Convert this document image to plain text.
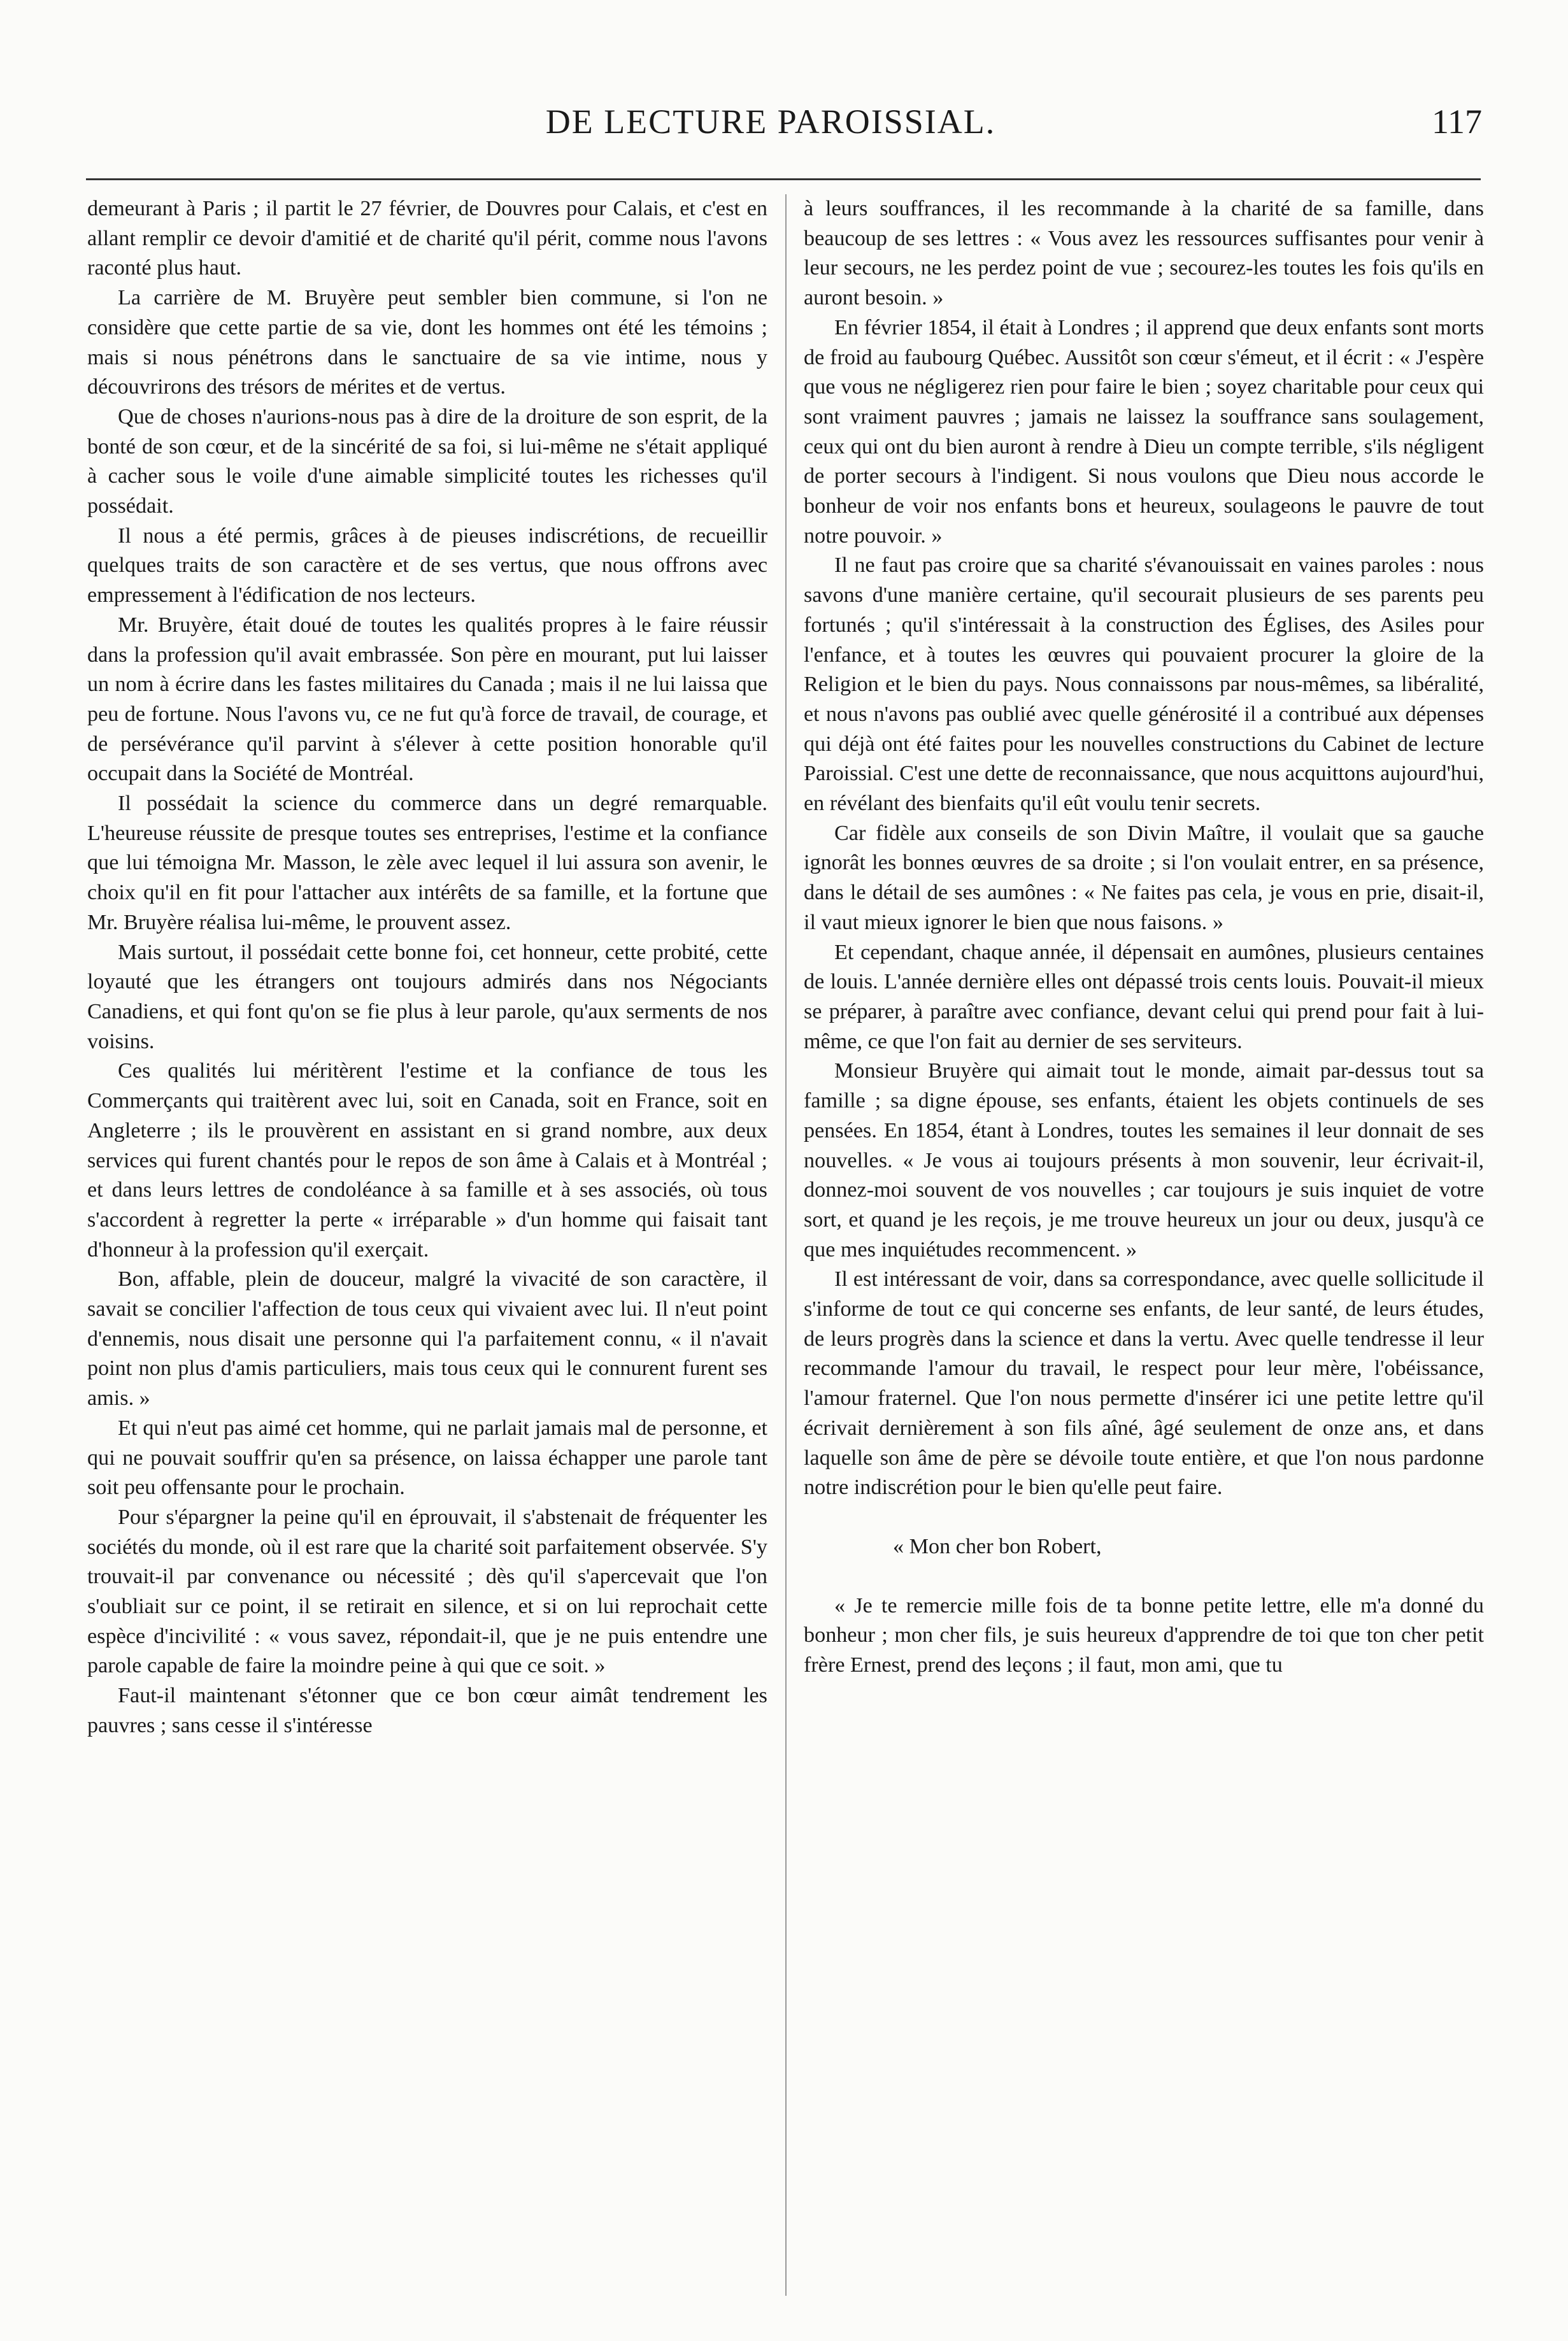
DE LECTURE PAROISSIAL.	117

demeurant à Paris ; il partit le 27 février, de Douvres pour Calais, et c'est en allant remplir ce devoir d'amitié et de charité qu'il périt, comme nous l'avons raconté plus haut.

La carrière de M. Bruyère peut sembler bien commune, si l'on ne considère que cette partie de sa vie, dont les hommes ont été les témoins ; mais si nous pénétrons dans le sanctuaire de sa vie intime, nous y découvrirons des trésors de mérites et de vertus.

Que de choses n'aurions-nous pas à dire de la droiture de son esprit, de la bonté de son cœur, et de la sincérité de sa foi, si lui-même ne s'était appliqué à cacher sous le voile d'une aimable simplicité toutes les richesses qu'il possédait.

Il nous a été permis, grâces à de pieuses indiscrétions, de recueillir quelques traits de son caractère et de ses vertus, que nous offrons avec empressement à l'édification de nos lecteurs.

Mr. Bruyère, était doué de toutes les qualités propres à le faire réussir dans la profession qu'il avait embrassée. Son père en mourant, put lui laisser un nom à écrire dans les fastes militaires du Canada ; mais il ne lui laissa que peu de fortune. Nous l'avons vu, ce ne fut qu'à force de travail, de courage, et de persévérance qu'il parvint à s'élever à cette position honorable qu'il occupait dans la Société de Montréal.

Il possédait la science du commerce dans un degré remarquable. L'heureuse réussite de presque toutes ses entreprises, l'estime et la confiance que lui témoigna Mr. Masson, le zèle avec lequel il lui assura son avenir, le choix qu'il en fit pour l'attacher aux intérêts de sa famille, et la fortune que Mr. Bruyère réalisa lui-même, le prouvent assez.

Mais surtout, il possédait cette bonne foi, cet honneur, cette probité, cette loyauté que les étrangers ont toujours admirés dans nos Négociants Canadiens, et qui font qu'on se fie plus à leur parole, qu'aux serments de nos voisins.

Ces qualités lui méritèrent l'estime et la confiance de tous les Commerçants qui traitèrent avec lui, soit en Canada, soit en France, soit en Angleterre ; ils le prouvèrent en assistant en si grand nombre, aux deux services qui furent chantés pour le repos de son âme à Calais et à Montréal ; et dans leurs lettres de condoléance à sa famille et à ses associés, où tous s'accordent à regretter la perte « irréparable » d'un homme qui faisait tant d'honneur à la profession qu'il exerçait.

Bon, affable, plein de douceur, malgré la vivacité de son caractère, il savait se concilier l'affection de tous ceux qui vivaient avec lui. Il n'eut point d'ennemis, nous disait une personne qui l'a parfaitement connu, « il n'avait point non plus d'amis particuliers, mais tous ceux qui le connurent furent ses amis. »

Et qui n'eut pas aimé cet homme, qui ne parlait jamais mal de personne, et qui ne pouvait souffrir qu'en sa présence, on laissa échapper une parole tant soit peu offensante pour le prochain.

Pour s'épargner la peine qu'il en éprouvait, il s'abstenait de fréquenter les sociétés du monde, où il est rare que la charité soit parfaitement observée. S'y trouvait-il par convenance ou nécessité ; dès qu'il s'apercevait que l'on s'oubliait sur ce point, il se retirait en silence, et si on lui reprochait cette espèce d'incivilité : « vous savez, répondait-il, que je ne puis entendre une parole capable de faire la moindre peine à qui que ce soit. »

Faut-il maintenant s'étonner que ce bon cœur aimât tendrement les pauvres ; sans cesse il s'intéresse

à leurs souffrances, il les recommande à la charité de sa famille, dans beaucoup de ses lettres : « Vous avez les ressources suffisantes pour venir à leur secours, ne les perdez point de vue ; secourez-les toutes les fois qu'ils en auront besoin. »

En février 1854, il était à Londres ; il apprend que deux enfants sont morts de froid au faubourg Québec. Aussitôt son cœur s'émeut, et il écrit : « J'espère que vous ne négligerez rien pour faire le bien ; soyez charitable pour ceux qui sont vraiment pauvres ; jamais ne laissez la souffrance sans soulagement, ceux qui ont du bien auront à rendre à Dieu un compte terrible, s'ils négligent de porter secours à l'indigent. Si nous voulons que Dieu nous accorde le bonheur de voir nos enfants bons et heureux, soulageons le pauvre de tout notre pouvoir. »

Il ne faut pas croire que sa charité s'évanouissait en vaines paroles : nous savons d'une manière certaine, qu'il secourait plusieurs de ses parents peu fortunés ; qu'il s'intéressait à la construction des Églises, des Asiles pour l'enfance, et à toutes les œuvres qui pouvaient procurer la gloire de la Religion et le bien du pays. Nous connaissons par nous-mêmes, sa libéralité, et nous n'avons pas oublié avec quelle générosité il a contribué aux dépenses qui déjà ont été faites pour les nouvelles constructions du Cabinet de lecture Paroissial. C'est une dette de reconnaissance, que nous acquittons aujourd'hui, en révélant des bienfaits qu'il eût voulu tenir secrets.

Car fidèle aux conseils de son Divin Maître, il voulait que sa gauche ignorât les bonnes œuvres de sa droite ; si l'on voulait entrer, en sa présence, dans le détail de ses aumônes : « Ne faites pas cela, je vous en prie, disait-il, il vaut mieux ignorer le bien que nous faisons. »

Et cependant, chaque année, il dépensait en aumônes, plusieurs centaines de louis. L'année dernière elles ont dépassé trois cents louis. Pouvait-il mieux se préparer, à paraître avec confiance, devant celui qui prend pour fait à lui-même, ce que l'on fait au dernier de ses serviteurs.

Monsieur Bruyère qui aimait tout le monde, aimait par-dessus tout sa famille ; sa digne épouse, ses enfants, étaient les objets continuels de ses pensées. En 1854, étant à Londres, toutes les semaines il leur donnait de ses nouvelles. « Je vous ai toujours présents à mon souvenir, leur écrivait-il, donnez-moi souvent de vos nouvelles ; car toujours je suis inquiet de votre sort, et quand je les reçois, je me trouve heureux un jour ou deux, jusqu'à ce que mes inquiétudes recommencent. »

Il est intéressant de voir, dans sa correspondance, avec quelle sollicitude il s'informe de tout ce qui concerne ses enfants, de leur santé, de leurs études, de leurs progrès dans la science et dans la vertu. Avec quelle tendresse il leur recommande l'amour du travail, le respect pour leur mère, l'obéissance, l'amour fraternel. Que l'on nous permette d'insérer ici une petite lettre qu'il écrivait dernièrement à son fils aîné, âgé seulement de onze ans, et dans laquelle son âme de père se dévoile toute entière, et que l'on nous pardonne notre indiscrétion pour le bien qu'elle peut faire.

« Mon cher bon Robert,

« Je te remercie mille fois de ta bonne petite lettre, elle m'a donné du bonheur ; mon cher fils, je suis heureux d'apprendre de toi que ton cher petit frère Ernest, prend des leçons ; il faut, mon ami, que tu
